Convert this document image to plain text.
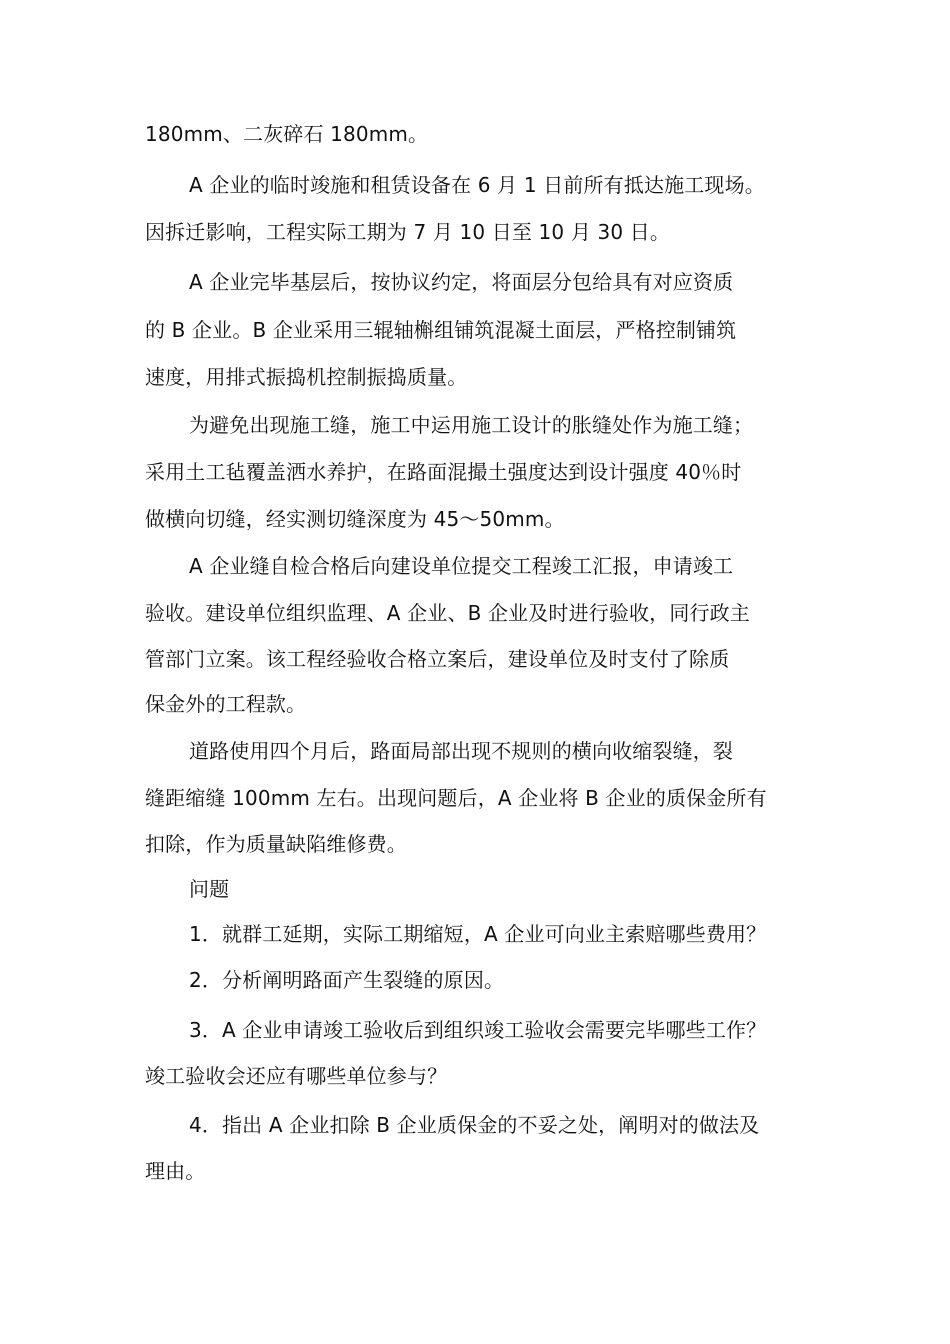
180mm、二灰碎石 180mm。
A 企业的临时竣施和租赁设备在 6 月 1 日前所有抵达施工现场。
因拆迁影响，工程实际工期为 7 月 10 日至 10 月 30 日。
A 企业完毕基层后，按协议约定，将面层分包给具有对应资质
的 B 企业。B 企业采用三辊轴槲组铺筑混凝土面层，严格控制铺筑
速度，用排式振捣机控制振捣质量。
为避免出现施工缝，施工中运用施工设计的胀缝处作为施工缝；
采用土工毡覆盖洒水养护，在路面混撮土强度达到设计强度 40％时
做横向切缝，经实测切缝深度为 45～50mm。
A 企业缝自检合格后向建设单位提交工程竣工汇报，申请竣工
验收。建设单位组织监理、A 企业、B 企业及时进行验收，同行政主
管部门立案。该工程经验收合格立案后，建设单位及时支付了除质
保金外的工程款。
道路使用四个月后，路面局部出现不规则的横向收缩裂缝，裂
缝距缩缝 100mm 左右。出现问题后，A 企业将 B 企业的质保金所有
扣除，作为质量缺陷维修费。
问题
1．就群工延期，实际工期缩短，A 企业可向业主索赔哪些费用？
2．分析阐明路面产生裂缝的原因。
3．A 企业申请竣工验收后到组织竣工验收会需要完毕哪些工作？
竣工验收会还应有哪些单位参与？
4．指出 A 企业扣除 B 企业质保金的不妥之处，阐明对的做法及
理由。
